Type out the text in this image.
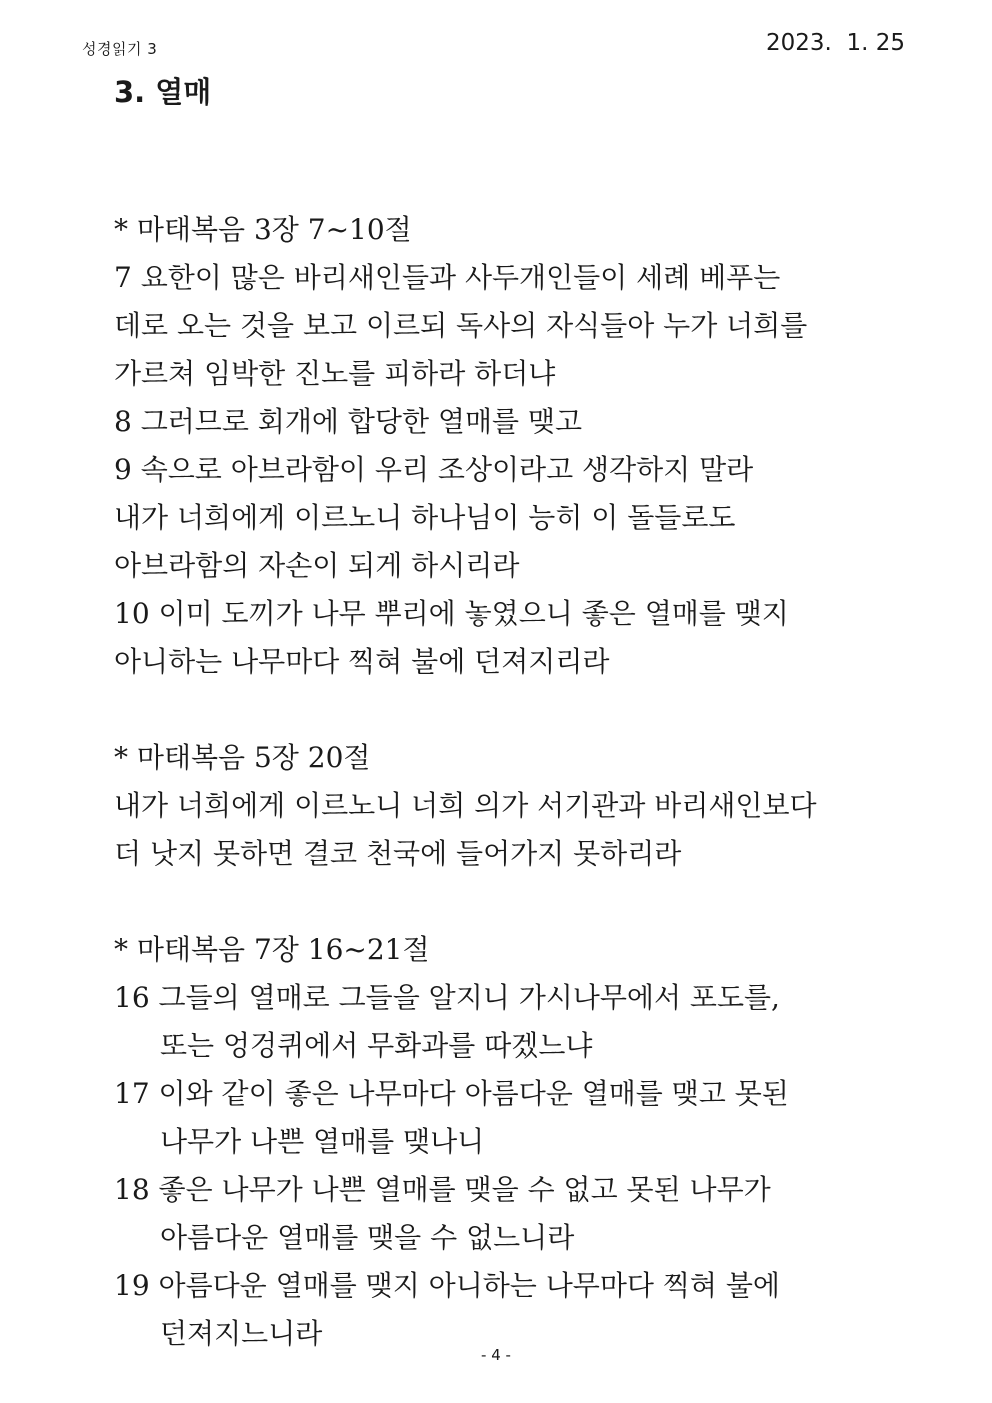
성경읽기 3	2023.  1. 25
3. 열매
* 마태복음 3장 7~10절
7 요한이 많은 바리새인들과 사두개인들이 세례 베푸는
데로 오는 것을 보고 이르되 독사의 자식들아 누가 너희를
가르쳐 임박한 진노를 피하라 하더냐
8 그러므로 회개에 합당한 열매를 맺고
9 속으로 아브라함이 우리 조상이라고 생각하지 말라
내가 너희에게 이르노니 하나님이 능히 이 돌들로도
아브라함의 자손이 되게 하시리라
10 이미 도끼가 나무 뿌리에 놓였으니 좋은 열매를 맺지
아니하는 나무마다 찍혀 불에 던져지리라
* 마태복음 5장 20절
내가 너희에게 이르노니 너희 의가 서기관과 바리새인보다
더 낫지 못하면 결코 천국에 들어가지 못하리라
* 마태복음 7장 16~21절
16 그들의 열매로 그들을 알지니 가시나무에서 포도를,
또는 엉겅퀴에서 무화과를 따겠느냐
17 이와 같이 좋은 나무마다 아름다운 열매를 맺고 못된
나무가 나쁜 열매를 맺나니
18 좋은 나무가 나쁜 열매를 맺을 수 없고 못된 나무가
아름다운 열매를 맺을 수 없느니라
19 아름다운 열매를 맺지 아니하는 나무마다 찍혀 불에
던져지느니라
- 4 -
